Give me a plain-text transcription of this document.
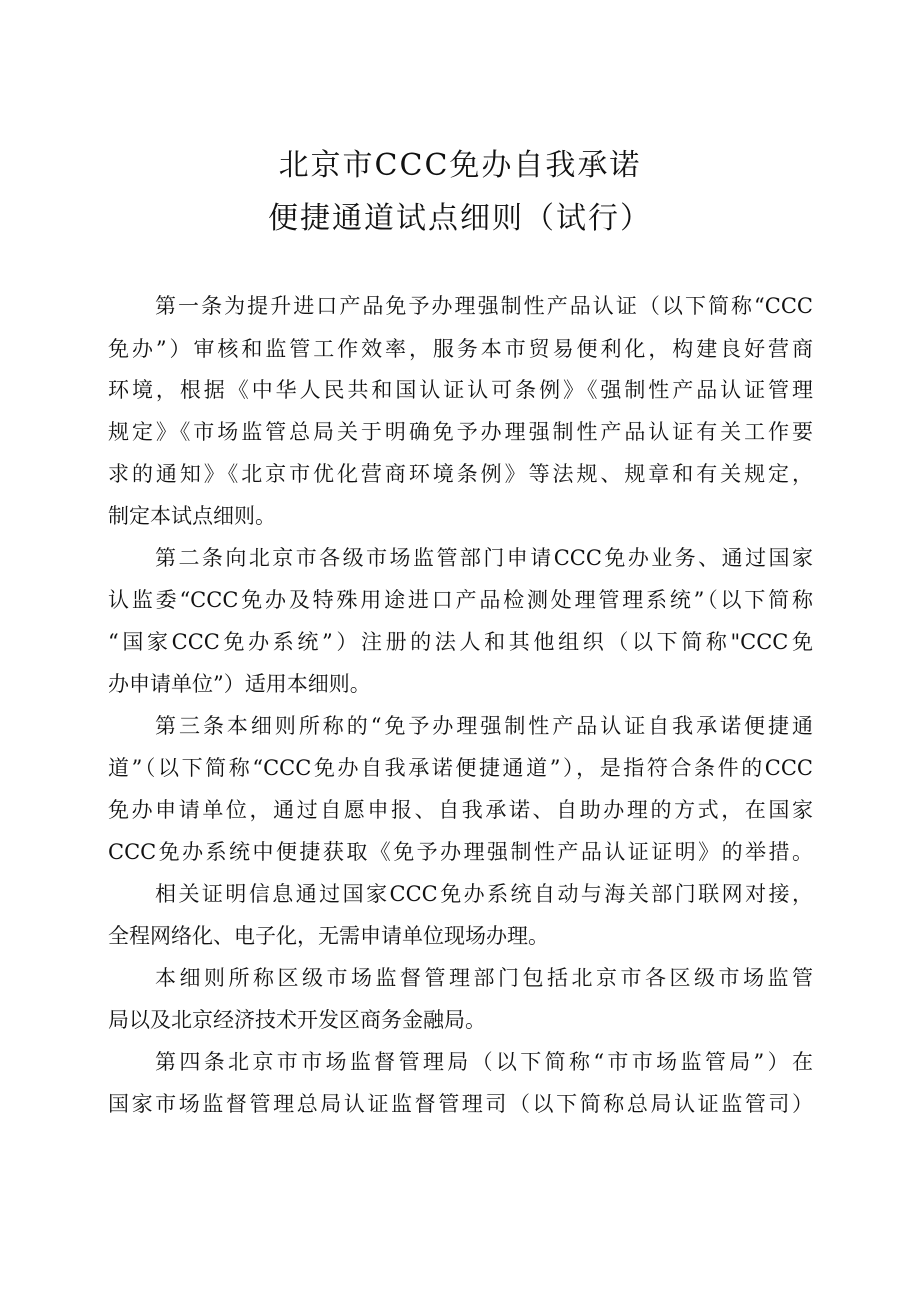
北京市CCC免办自我承诺
便捷通道试点细则（试行）
第一条为提升进口产品免予办理强制性产品认证（以下简称“CCC
免办”）审核和监管工作效率，服务本市贸易便利化，构建良好营商
环境，根据《中华人民共和国认证认可条例》《强制性产品认证管理
规定》《市场监管总局关于明确免予办理强制性产品认证有关工作要
求的通知》《北京市优化营商环境条例》等法规、规章和有关规定，
制定本试点细则。
第二条向北京市各级市场监管部门申请CCC免办业务、通过国家
认监委“CCC免办及特殊用途进口产品检测处理管理系统”（以下简称
“国家CCC免办系统”）注册的法人和其他组织（以下简称"CCC免
办申请单位”）适用本细则。
第三条本细则所称的“免予办理强制性产品认证自我承诺便捷通
道”（以下简称“CCC免办自我承诺便捷通道”），是指符合条件的CCC
免办申请单位，通过自愿申报、自我承诺、自助办理的方式，在国家
CCC免办系统中便捷获取《免予办理强制性产品认证证明》的举措。
相关证明信息通过国家CCC免办系统自动与海关部门联网对接，
全程网络化、电子化，无需申请单位现场办理。
本细则所称区级市场监督管理部门包括北京市各区级市场监管
局以及北京经济技术开发区商务金融局。
第四条北京市市场监督管理局（以下简称“市市场监管局”）在
国家市场监督管理总局认证监督管理司（以下简称总局认证监管司）
